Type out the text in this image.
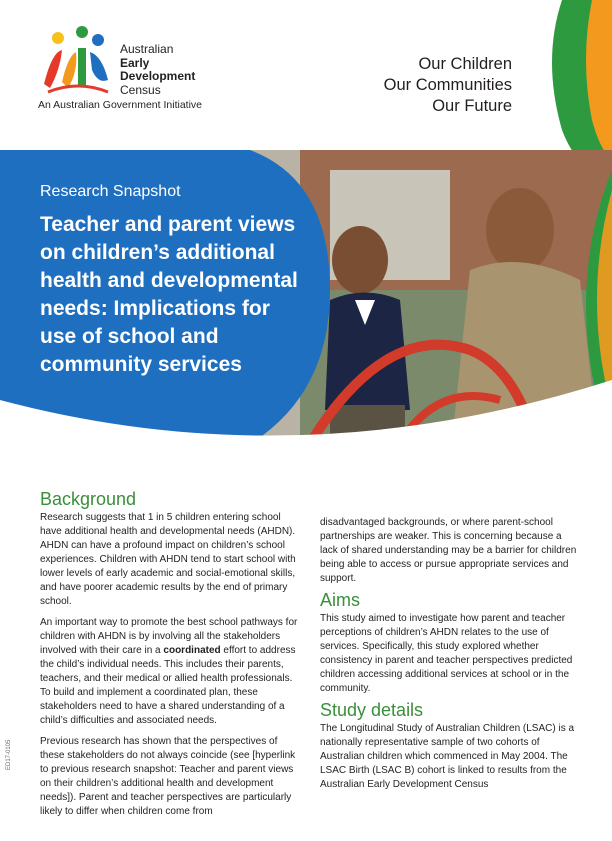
Australian
Early
Development
Census
An Australian Government Initiative
Our Children
Our Communities
Our Future
Research Snapshot
Teacher and parent views on children’s additional health and developmental needs: Implications for use of school and community services
Background

Research suggests that 1 in 5 children entering school have additional health and developmental needs (AHDN). AHDN can have a profound impact on children’s school experiences. Children with AHDN tend to start school with lower levels of early academic and social-emotional skills, and have poorer academic results by the end of primary school.

An important way to promote the best school pathways for children with AHDN is by involving all the stakeholders involved with their care in a coordinated effort to address the child’s individual needs. This includes their parents, teachers, and their medical or allied health professionals. To build and implement a coordinated plan, these stakeholders need to have a shared understanding of a child’s difficulties and associated needs.

Previous research has shown that the perspectives of these stakeholders do not always coincide (see [hyperlink to previous research snapshot: Teacher and parent views on their children’s additional health and development needs]). Parent and teacher perspectives are particularly likely to differ when children come from

disadvantaged backgrounds, or where parent-school partnerships are weaker. This is concerning because a lack of shared understanding may be a barrier for children being able to access or pursue appropriate services and support.

Aims

This study aimed to investigate how parent and teacher perceptions of children’s AHDN relates to the use of services. Specifically, this study explored whether consistency in parent and teacher perspectives predicted children accessing additional services at school or in the community.

Study details

The Longitudinal Study of Australian Children (LSAC) is a nationally representative sample of two cohorts of Australian children which commenced in May 2004. The LSAC Birth (LSAC B) cohort is linked to results from the Australian Early Development Census

ED17-0105
